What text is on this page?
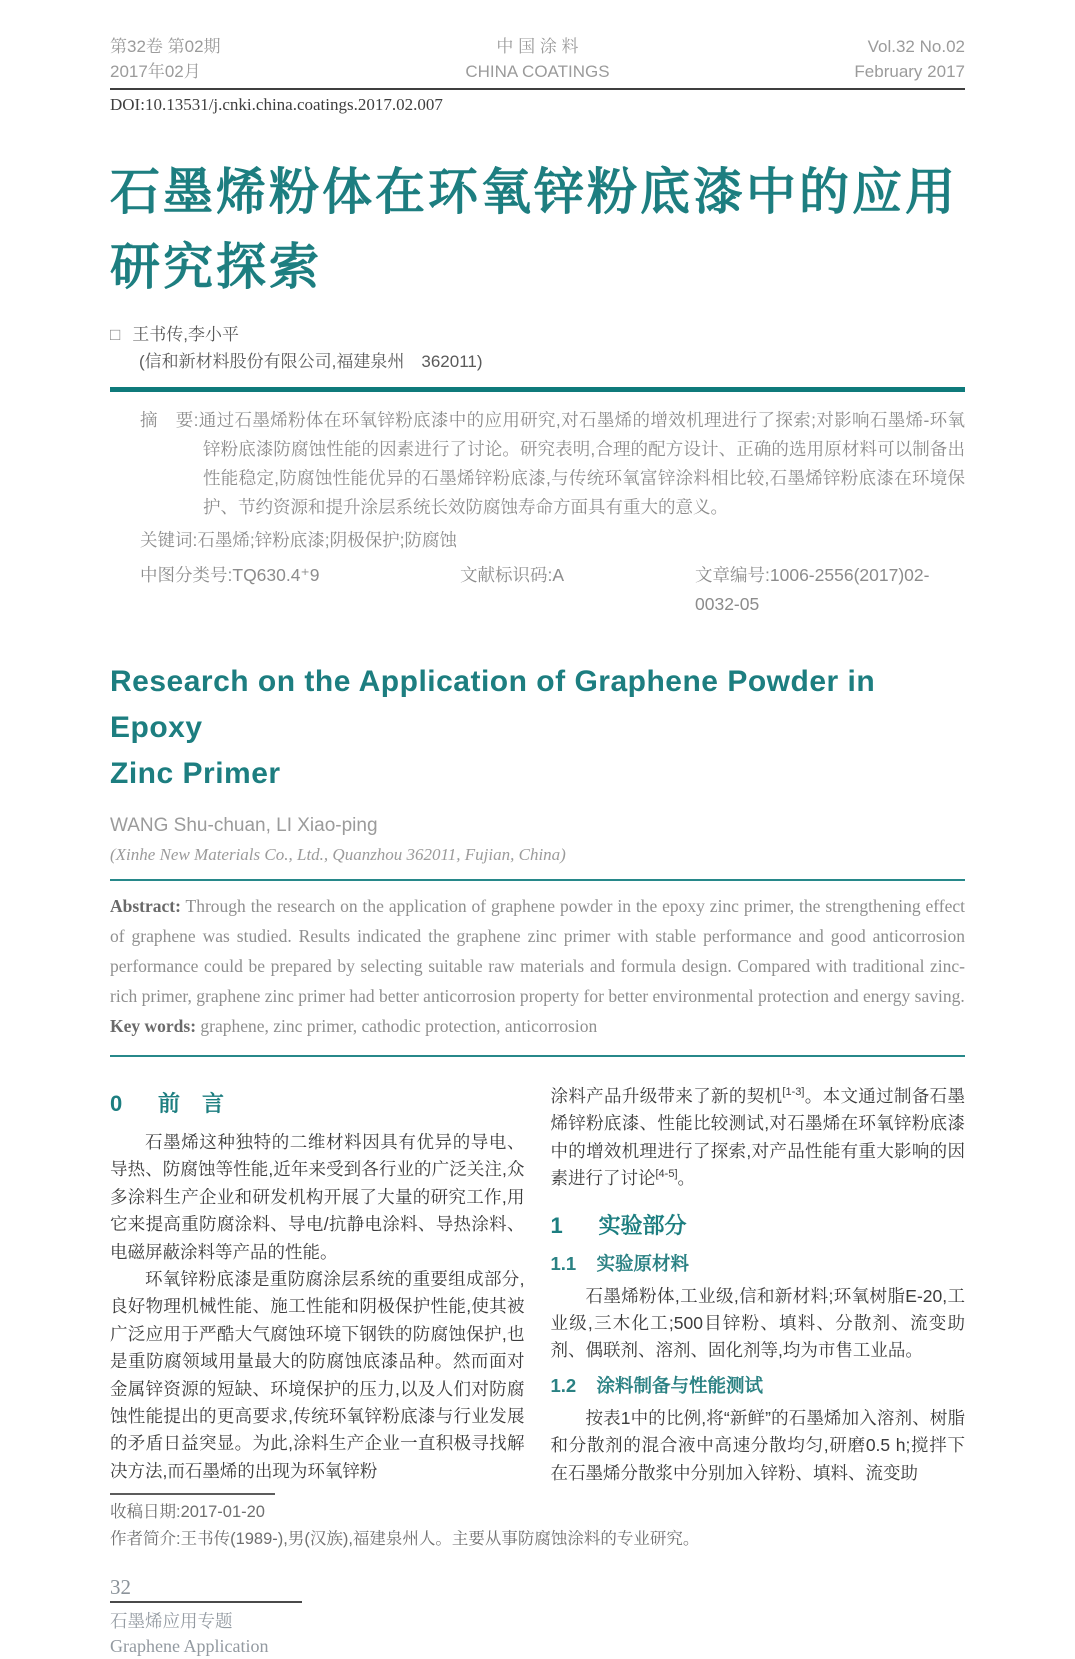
第32卷 第02期
2017年02月
中 国 涂 料
CHINA COATINGS
Vol.32 No.02
February 2017
DOI:10.13531/j.cnki.china.coatings.2017.02.007
石墨烯粉体在环氧锌粉底漆中的应用
研究探索
□ 王书传,李小平
(信和新材料股份有限公司,福建泉州　362011)

摘　要:通过石墨烯粉体在环氧锌粉底漆中的应用研究,对石墨烯的增效机理进行了探索;对影响石墨烯-环氧锌粉底漆防腐蚀性能的因素进行了讨论。研究表明,合理的配方设计、正确的选用原材料可以制备出性能稳定,防腐蚀性能优异的石墨烯锌粉底漆,与传统环氧富锌涂料相比较,石墨烯锌粉底漆在环境保护、节约资源和提升涂层系统长效防腐蚀寿命方面具有重大的意义。

关键词:石墨烯;锌粉底漆;阴极保护;防腐蚀

中图分类号:TQ630.4⁺9	文献标识码:A	文章编号:1006-2556(2017)02-0032-05
Research on the Application of Graphene Powder in Epoxy
Zinc Primer
WANG Shu-chuan, LI Xiao-ping
(Xinhe New Materials Co., Ltd., Quanzhou 362011, Fujian, China)

Abstract: Through the research on the application of graphene powder in the epoxy zinc primer, the strengthening effect of graphene was studied. Results indicated the graphene zinc primer with stable performance and good anticorrosion performance could be prepared by selecting suitable raw materials and formula design. Compared with traditional zinc-rich primer, graphene zinc primer had better anticorrosion property for better environmental protection and energy saving.

Key words: graphene, zinc primer, cathodic protection, anticorrosion

0	前　言

石墨烯这种独特的二维材料因具有优异的导电、导热、防腐蚀等性能,近年来受到各行业的广泛关注,众多涂料生产企业和研发机构开展了大量的研究工作,用它来提高重防腐涂料、导电/抗静电涂料、导热涂料、电磁屏蔽涂料等产品的性能。

环氧锌粉底漆是重防腐涂层系统的重要组成部分,良好物理机械性能、施工性能和阴极保护性能,使其被广泛应用于严酷大气腐蚀环境下钢铁的防腐蚀保护,也是重防腐领域用量最大的防腐蚀底漆品种。然而面对金属锌资源的短缺、环境保护的压力,以及人们对防腐蚀性能提出的更高要求,传统环氧锌粉底漆与行业发展的矛盾日益突显。为此,涂料生产企业一直积极寻找解决方法,而石墨烯的出现为环氧锌粉

涂料产品升级带来了新的契机[1-3]。本文通过制备石墨烯锌粉底漆、性能比较测试,对石墨烯在环氧锌粉底漆中的增效机理进行了探索,对产品性能有重大影响的因素进行了讨论[4-5]。

1	实验部分
1.1	实验原材料

石墨烯粉体,工业级,信和新材料;环氧树脂E-20,工业级,三木化工;500目锌粉、填料、分散剂、流变助剂、偶联剂、溶剂、固化剂等,均为市售工业品。

1.2	涂料制备与性能测试

按表1中的比例,将“新鲜”的石墨烯加入溶剂、树脂和分散剂的混合液中高速分散均匀,研磨0.5 h;搅拌下在石墨烯分散浆中分别加入锌粉、填料、流变助

收稿日期:2017-01-20

作者简介:王书传(1989-),男(汉族),福建泉州人。主要从事防腐蚀涂料的专业研究。

32
石墨烯应用专题
Graphene Application
